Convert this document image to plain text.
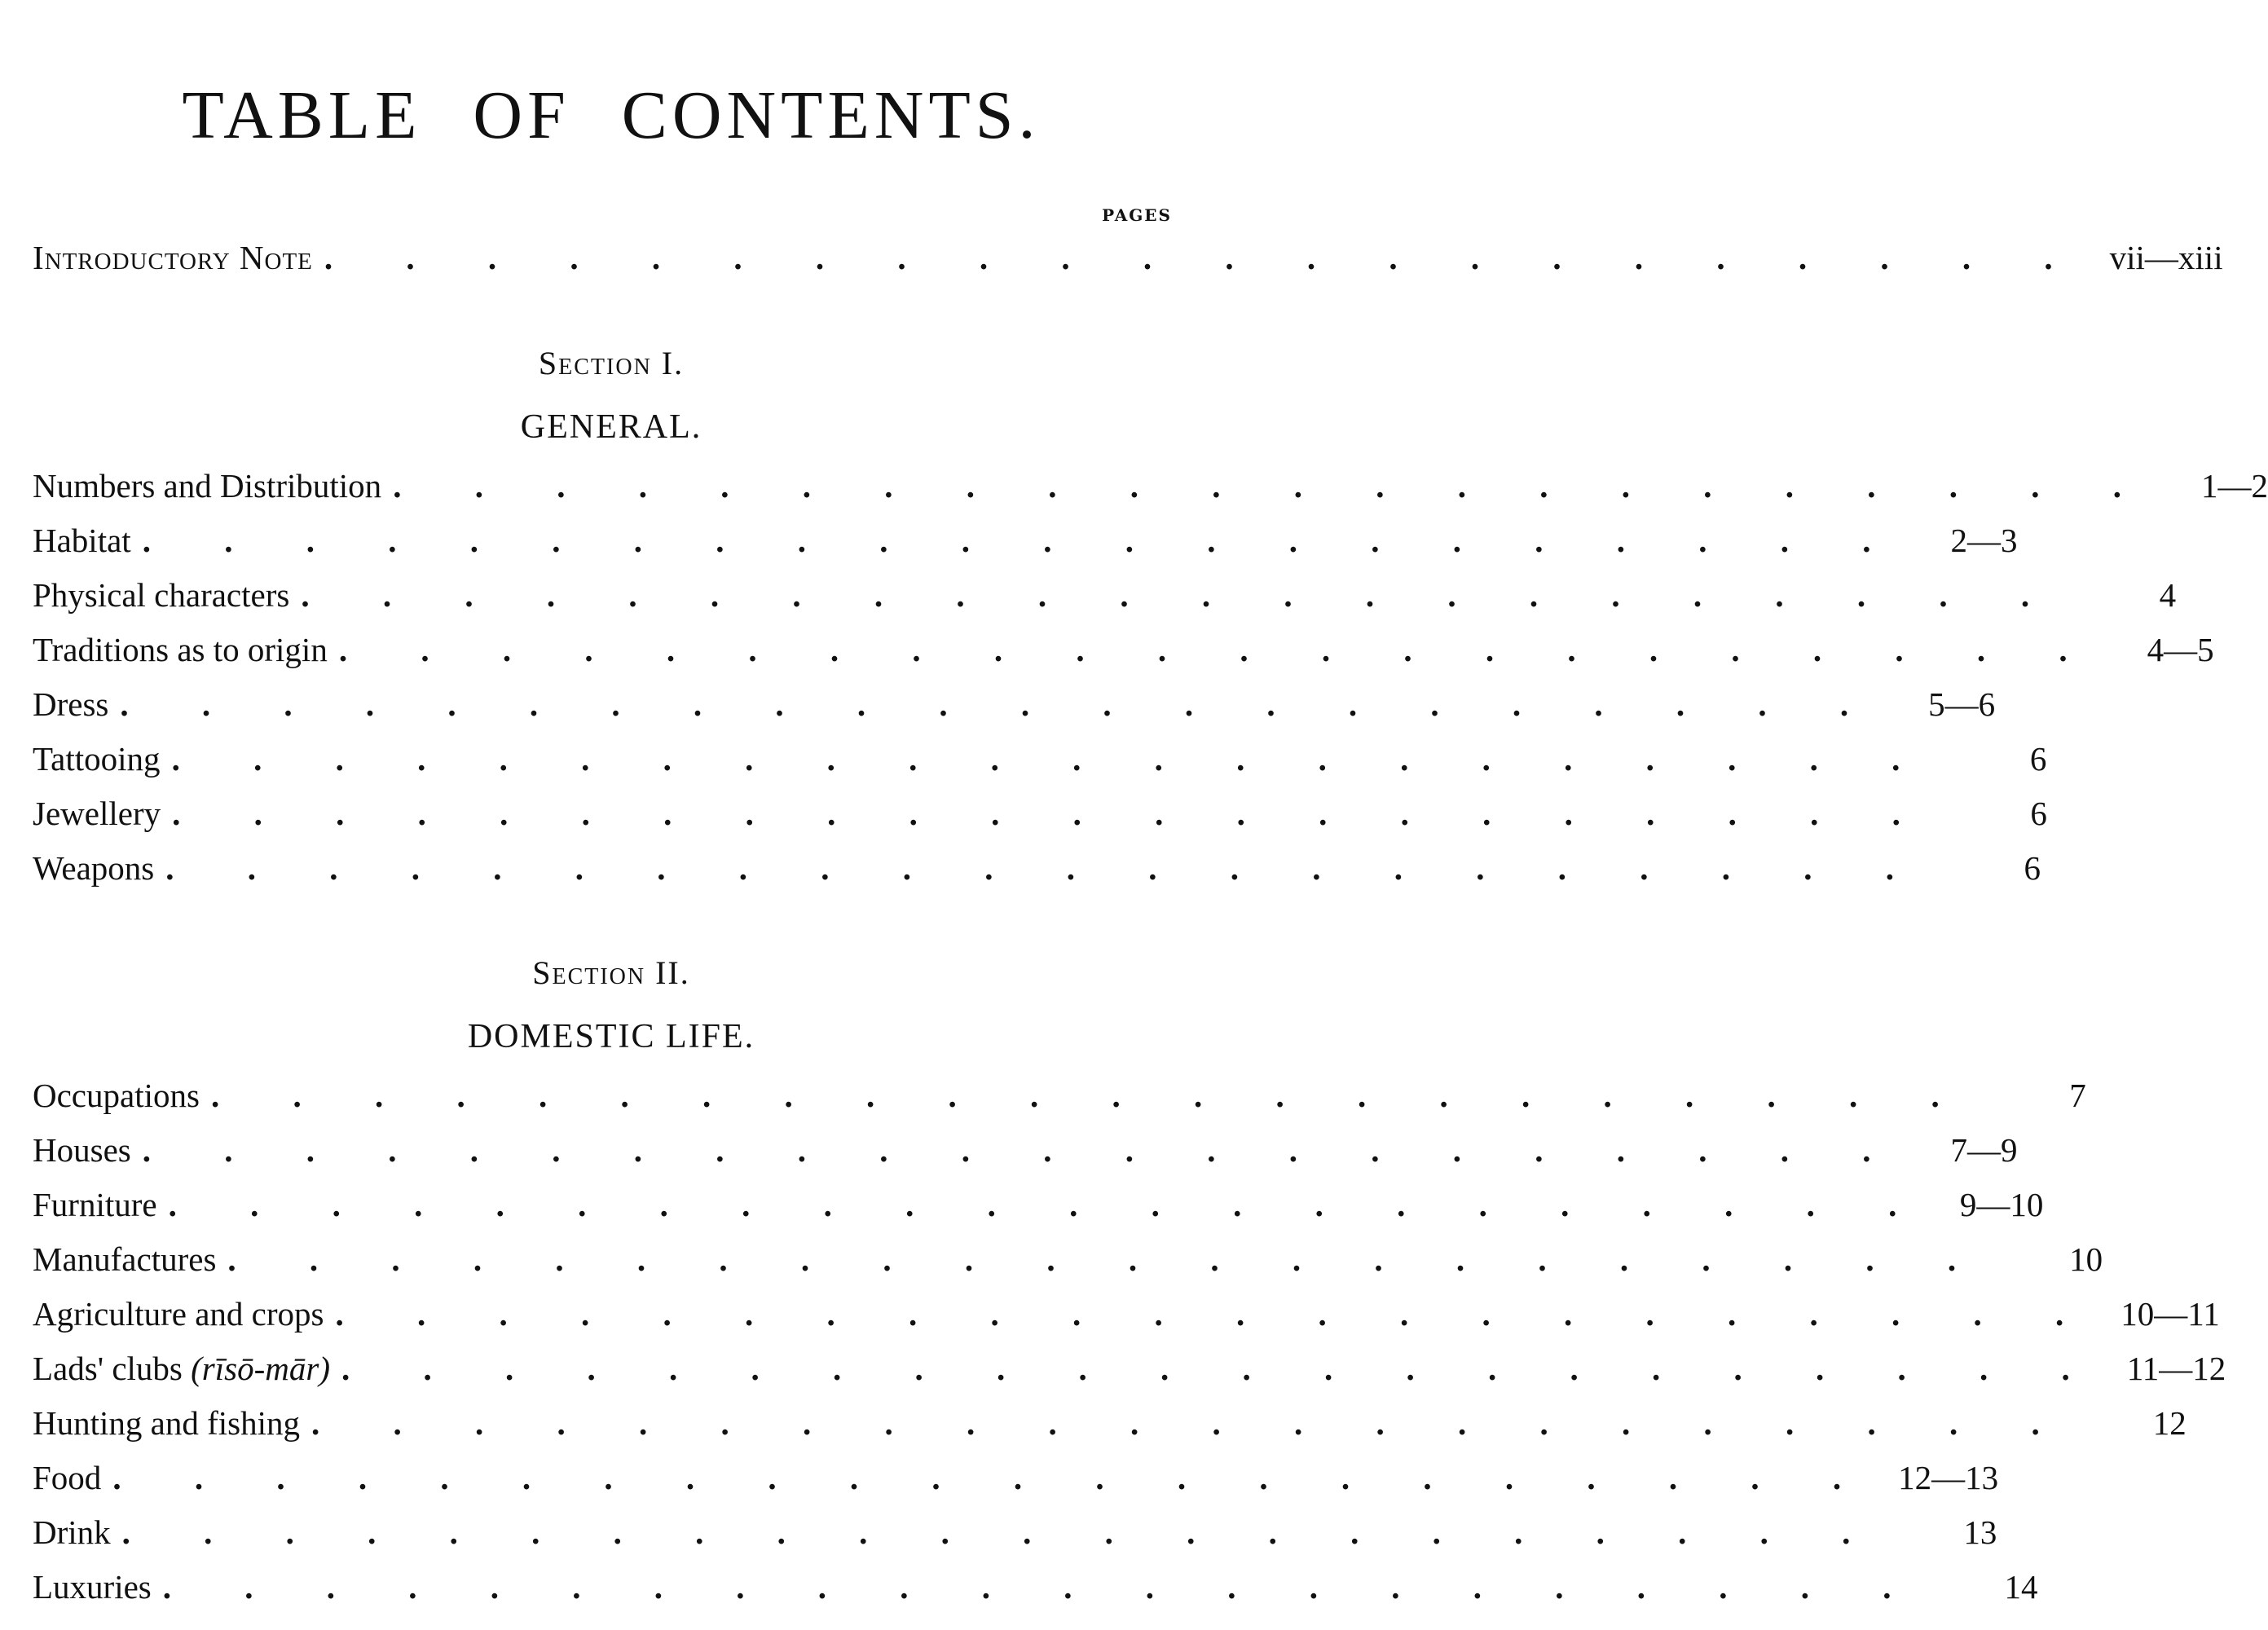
TABLE OF CONTENTS.
PAGES
Introductory Note . . . . . . . . . . . . . . . . . . . . . . vii—xiii
Section I.
GENERAL.
Numbers and Distribution . . . . . . . . . . . . . . . . . . . . . .	1—2
Habitat . . . . . . . . . . . . . . . . . . . . . .	2—3
Physical characters . . . . . . . . . . . . . . . . . . . . . .	4
Traditions as to origin . . . . . . . . . . . . . . . . . . . . . .	4—5
Dress . . . . . . . . . . . . . . . . . . . . . .	5—6
Tattooing . . . . . . . . . . . . . . . . . . . . . .	6
Jewellery . . . . . . . . . . . . . . . . . . . . . .	6
Weapons . . . . . . . . . . . . . . . . . . . . . .	6
Section II.
DOMESTIC LIFE.
Occupations . . . . . . . . . . . . . . . . . . . . . .	7
Houses . . . . . . . . . . . . . . . . . . . . . .	7—9
Furniture . . . . . . . . . . . . . . . . . . . . . . 9—10
Manufactures . . . . . . . . . . . . . . . . . . . . . .	10
Agriculture and crops . . . . . . . . . . . . . . . . . . . . . . 10—11
Lads' clubs (rīsō-mār) . . . . . . . . . . . . . . . . . . . . . . 11—12
Hunting and fishing . . . . . . . . . . . . . . . . . . . . . .	12
Food . . . . . . . . . . . . . . . . . . . . . . 12—13
Drink . . . . . . . . . . . . . . . . . . . . . .	13
Luxuries . . . . . . . . . . . . . . . . . . . . . .	14
